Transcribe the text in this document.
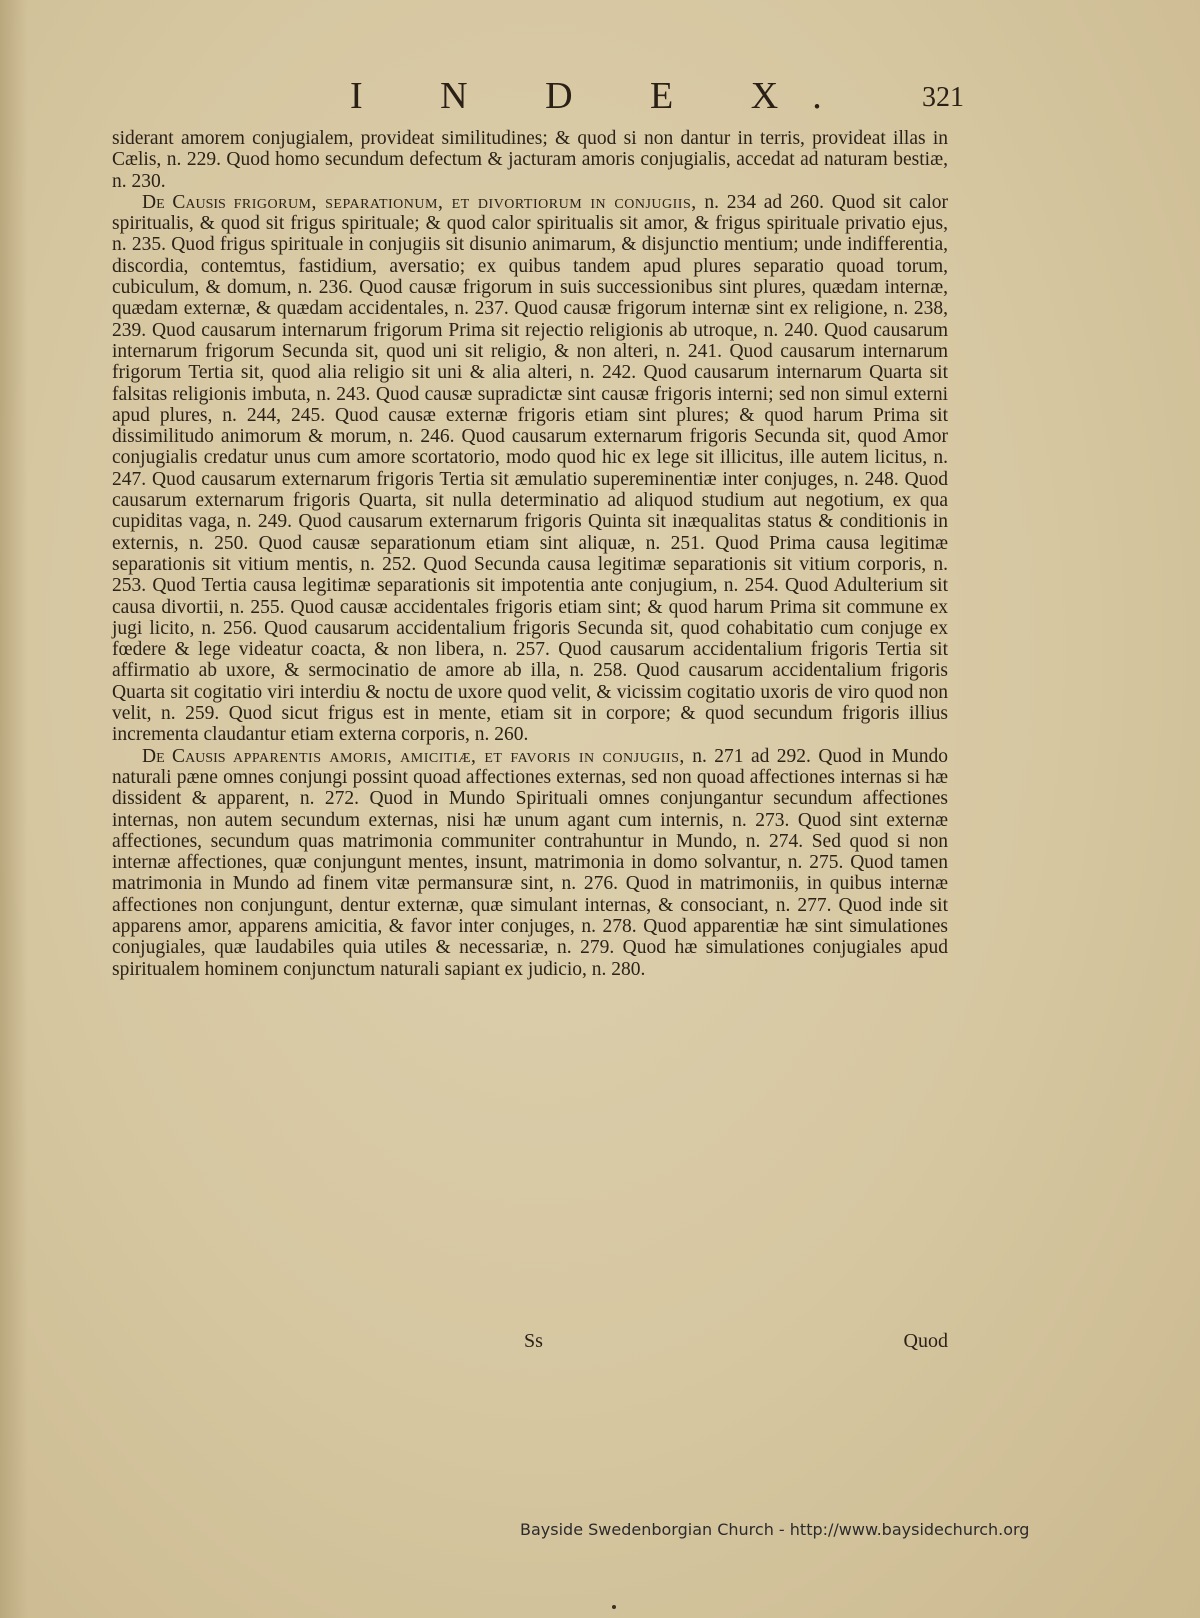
I N D E X. 321

siderant amorem conjugialem, provideat similitudines; & quod si non dantur in terris, provideat illas in Cælis, n. 229. Quod homo secundum defectum & jacturam amoris conjugialis, accedat ad naturam bestiæ, n. 230.

De Causis frigorum, separationum, et divortiorum in conjugiis, n. 234 ad 260. Quod sit calor spiritualis, & quod sit frigus spirituale; & quod calor spiritualis sit amor, & frigus spirituale privatio ejus, n. 235. Quod frigus spirituale in conjugiis sit disunio animarum, & disjunctio mentium; unde indifferentia, discordia, contemtus, fastidium, aversatio; ex quibus tandem apud plures separatio quoad torum, cubiculum, & domum, n. 236. Quod causæ frigorum in suis successionibus sint plures, quædam internæ, quædam externæ, & quædam accidentales, n. 237. Quod causæ frigorum internæ sint ex religione, n. 238, 239. Quod causarum internarum frigorum Prima sit rejectio religionis ab utroque, n. 240. Quod causarum internarum frigorum Secunda sit, quod uni sit religio, & non alteri, n. 241. Quod causarum internarum frigorum Tertia sit, quod alia religio sit uni & alia alteri, n. 242. Quod causarum internarum Quarta sit falsitas religionis imbuta, n. 243. Quod causæ supradictæ sint causæ frigoris interni; sed non simul externi apud plures, n. 244, 245. Quod causæ externæ frigoris etiam sint plures; & quod harum Prima sit dissimilitudo animorum & morum, n. 246. Quod causarum externarum frigoris Secunda sit, quod Amor conjugialis credatur unus cum amore scortatorio, modo quod hic ex lege sit illicitus, ille autem licitus, n. 247. Quod causarum externarum frigoris Tertia sit æmulatio supereminentiæ inter conjuges, n. 248. Quod causarum externarum frigoris Quarta, sit nulla determinatio ad aliquod studium aut negotium, ex qua cupiditas vaga, n. 249. Quod causarum externarum frigoris Quinta sit inæqualitas status & conditionis in externis, n. 250. Quod causæ separationum etiam sint aliquæ, n. 251. Quod Prima causa legitimæ separationis sit vitium mentis, n. 252. Quod Secunda causa legitimæ separationis sit vitium corporis, n. 253. Quod Tertia causa legitimæ separationis sit impotentia ante conjugium, n. 254. Quod Adulterium sit causa divortii, n. 255. Quod causæ accidentales frigoris etiam sint; & quod harum Prima sit commune ex jugi licito, n. 256. Quod causarum accidentalium frigoris Secunda sit, quod cohabitatio cum conjuge ex fœdere & lege videatur coacta, & non libera, n. 257. Quod causarum accidentalium frigoris Tertia sit affirmatio ab uxore, & sermocinatio de amore ab illa, n. 258. Quod causarum accidentalium frigoris Quarta sit cogitatio viri interdiu & noctu de uxore quod velit, & vicissim cogitatio uxoris de viro quod non velit, n. 259. Quod sicut frigus est in mente, etiam sit in corpore; & quod secundum frigoris illius incrementa claudantur etiam externa corporis, n. 260.

De Causis apparentis amoris, amicitiæ, et favoris in conjugiis, n. 271 ad 292. Quod in Mundo naturali pæne omnes conjungi possint quoad affectiones externas, sed non quoad affectiones internas si hæ dissident & apparent, n. 272. Quod in Mundo Spirituali omnes conjungantur secundum affectiones internas, non autem secundum externas, nisi hæ unum agant cum internis, n. 273. Quod sint externæ affectiones, secundum quas matrimonia communiter contrahuntur in Mundo, n. 274. Sed quod si non internæ affectiones, quæ conjungunt mentes, insunt, matrimonia in domo solvantur, n. 275. Quod tamen matrimonia in Mundo ad finem vitæ permansuræ sint, n. 276. Quod in matrimoniis, in quibus internæ affectiones non conjungunt, dentur externæ, quæ simulant internas, & consociant, n. 277. Quod inde sit apparens amor, apparens amicitia, & favor inter conjuges, n. 278. Quod apparentiæ hæ sint simulationes conjugiales, quæ laudabiles quia utiles & necessariæ, n. 279. Quod hæ simulationes conjugiales apud spiritualem hominem conjunctum naturali sapiant ex judicio, n. 280.

Ss	Quod
Bayside Swedenborgian Church - http://www.baysidechurch.org
